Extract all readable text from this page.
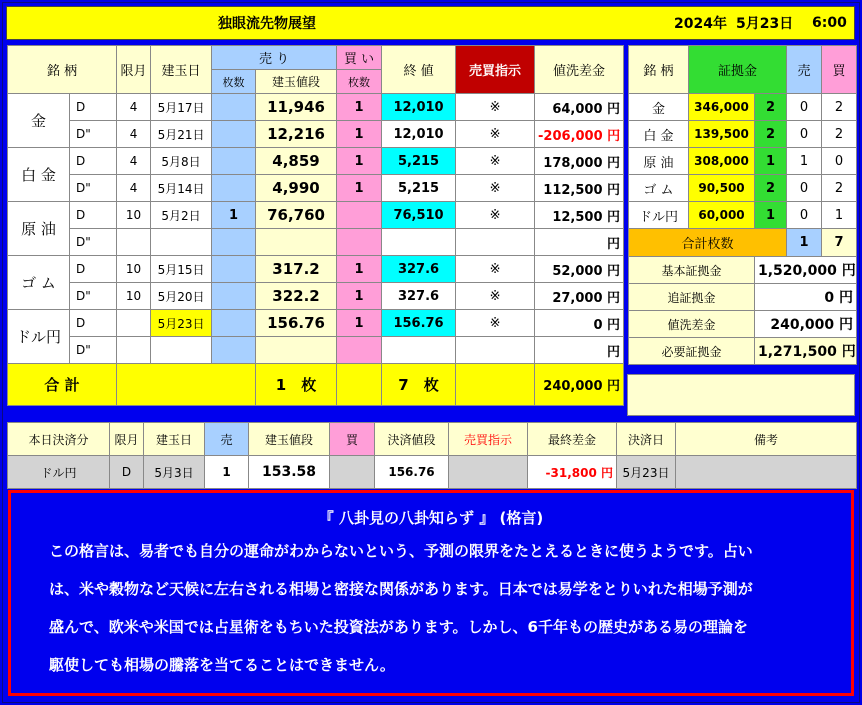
独眼流先物展望	2024年 5月23日 6:00
銘 柄		限月	建玉日	売 り		買 い	終 値	売買指示	値洗差金
				枚数	建玉値段	枚数			
金	D	4	5月17日		11,946	1	12,010	※	64,000 円
	D"	4	5月21日		12,216	1	12,010	※	-206,000 円
白 金	D	4	5月8日		4,859	1	5,215	※	178,000 円
	D"	4	5月14日		4,990	1	5,215	※	112,500 円
原 油	D	10	5月2日	1	76,760		76,510	※	12,500 円
	D"								円
ゴ ム	D	10	5月15日		317.2	1	327.6	※	52,000 円
	D"	10	5月20日		322.2	1	327.6	※	27,000 円
ドル円	D		5月23日		156.76	1	156.76	※	0 円
	D"								円
合 計					1　 枚		7　 枚		240,000 円
銘 柄	証拠金		売	買
金	346,000	2	0	2
白 金	139,500	2	0	2
原 油	308,000	1	1	0
ゴ ム	90,500	2	0	2
ドル円	60,000	1	0	1
合計枚数			1	7
基本証拠金		1,520,000 円		
追証拠金		0 円		
値洗差金		240,000 円		
必要証拠金		1,271,500 円		
本日決済分	限月	建玉日	売	建玉値段	買	決済値段	売買指示	最終差金	決済日	備考
ドル円	D	5月3日	1	153.58		156.76		-31,800 円	5月23日	
『 八卦見の八卦知らず 』 (格言)
この格言は、易者でも自分の運命がわからないという、予測の限界をたとえるときに使うようです。占い
は、米や穀物など天候に左右される相場と密接な関係があります。日本では易学をとりいれた相場予測が
盛んで、欧米や米国では占星術をもちいた投資法があります。しかし、6千年もの歴史がある易の理論を
駆使しても相場の騰落を当てることはできません。
